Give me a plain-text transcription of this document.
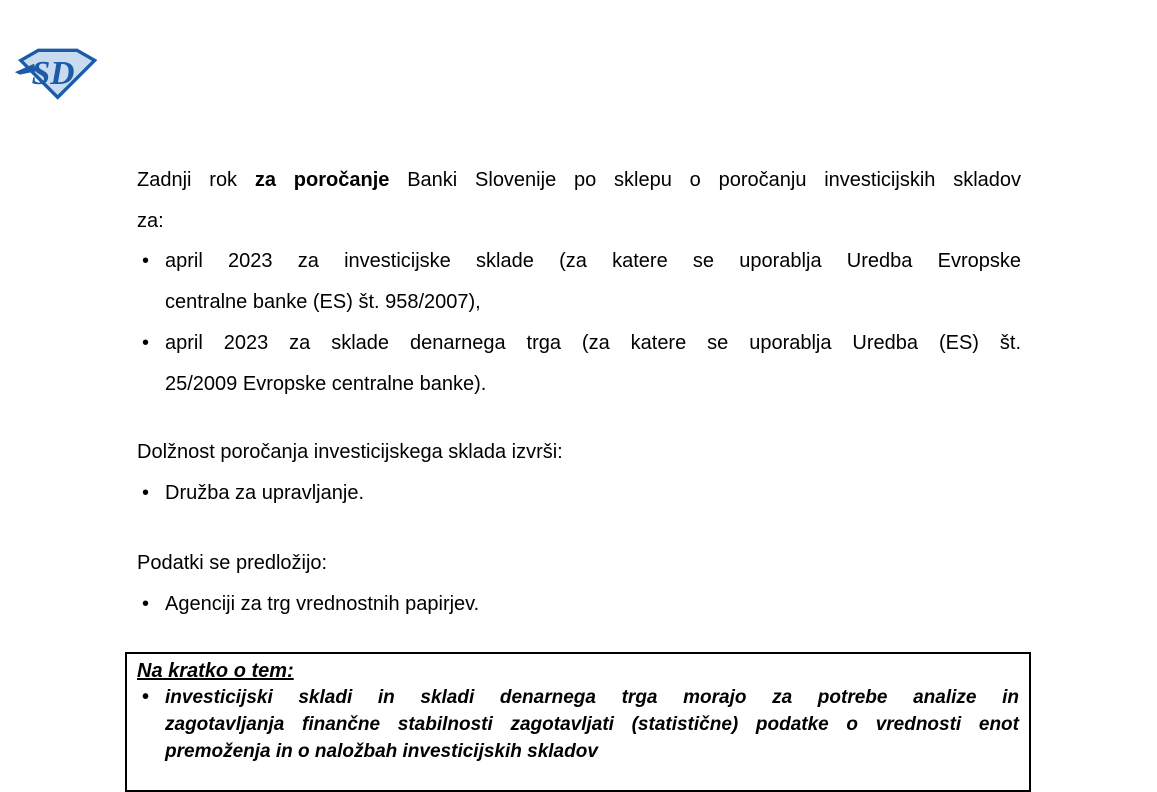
SD
Zadnji rok za poročanje Banki Slovenije po sklepu o poročanju investicijskih skladov
za:
• april 2023 za investicijske sklade (za katere se uporablja Uredba Evropske
centralne banke (ES) št. 958/2007),
• april 2023 za sklade denarnega trga (za katere se uporablja Uredba (ES) št.
25/2009 Evropske centralne banke).
Dolžnost poročanja investicijskega sklada izvrši:
• Družba za upravljanje.
Podatki se predložijo:
• Agenciji za trg vrednostnih papirjev.
Na kratko o tem:
• investicijski skladi in skladi denarnega trga morajo za potrebe analize in
zagotavljanja finančne stabilnosti zagotavljati (statistične) podatke o vrednosti enot
premoženja in o naložbah investicijskih skladov
